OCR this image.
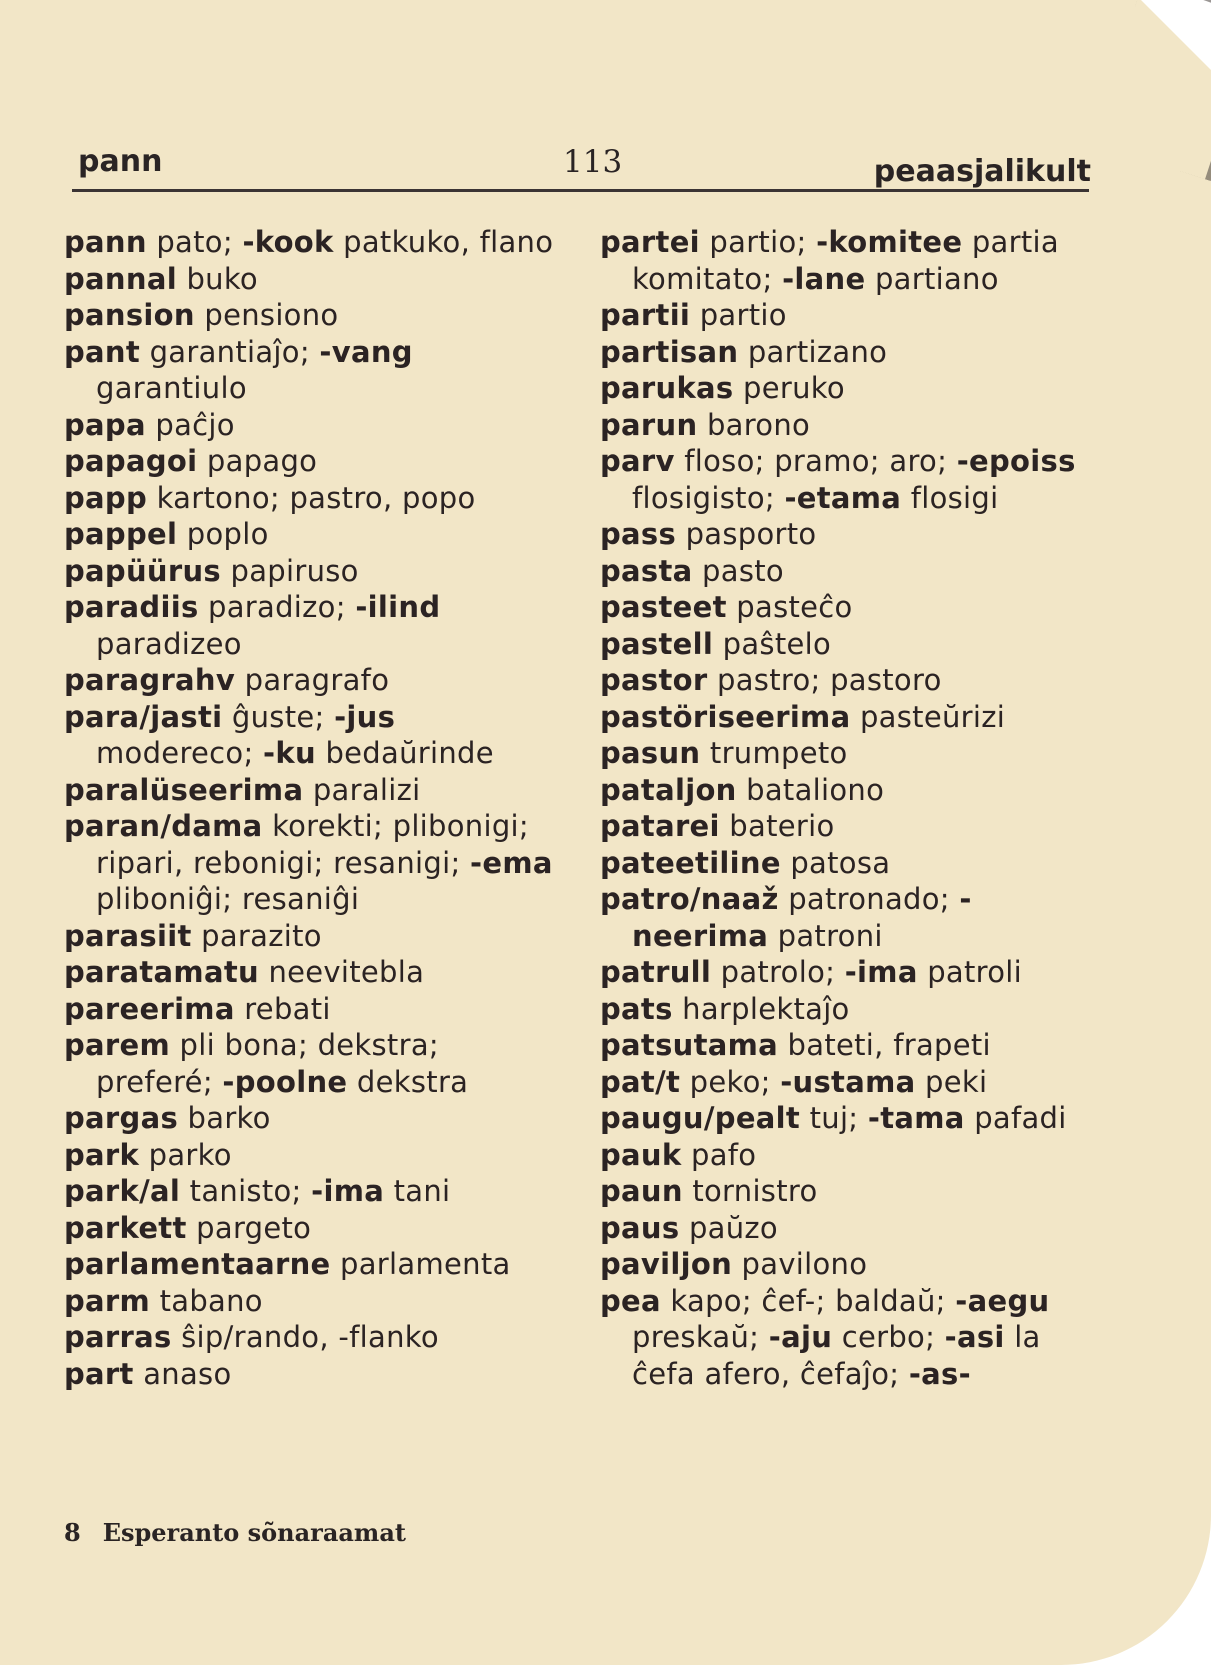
pann	113	peaasjalikult

pann pato; -kook patkuko, flano

pannal buko

pansion pensiono

pant garantiaĵo; -vang garantiulo

papa paĉjo

papagoi papago

papp kartono; pastro, popo

pappel poplo

papüürus papiruso

paradiis paradizo; -ilind paradizeo

paragrahv paragrafo

para/jasti ĝuste; -jus modereco; -ku bedaŭrinde

paralüseerima paralizi

paran/dama korekti; plibonigi; ripari, rebonigi; resanigi; -ema pliboniĝi; resaniĝi

parasiit parazito

paratamatu neevitebla

pareerima rebati

parem pli bona; dekstra; preferé; -poolne dekstra

pargas barko

park parko

park/al tanisto; -ima tani

parkett pargeto

parlamentaarne parlamenta

parm tabano

parras ŝip/rando, -flanko

part anaso

partei partio; -komitee partia komitato; -lane partiano

partii partio

partisan partizano

parukas peruko

parun barono

parv floso; pramo; aro; -epoiss flosigisto; -etama flosigi

pass pasporto

pasta pasto

pasteet pasteĉo

pastell paŝtelo

pastor pastro; pastoro

pastöriseerima pasteŭrizi

pasun trumpeto

pataljon bataliono

patarei baterio

pateetiline patosa

patro/naaž patronado; -neerima patroni

patrull patrolo; -ima patroli

pats harplektaĵo

patsutama bateti, frapeti

pat/t peko; -ustama peki

paugu/pealt tuj; -tama pafadi

pauk pafo

paun tornistro

paus paŭzo

paviljon pavilono

pea kapo; ĉef-; baldaŭ; -aegu preskaŭ; -aju cerbo; -asi la ĉefa afero, ĉefaĵo; -as-

8 Esperanto sõnaraamat
